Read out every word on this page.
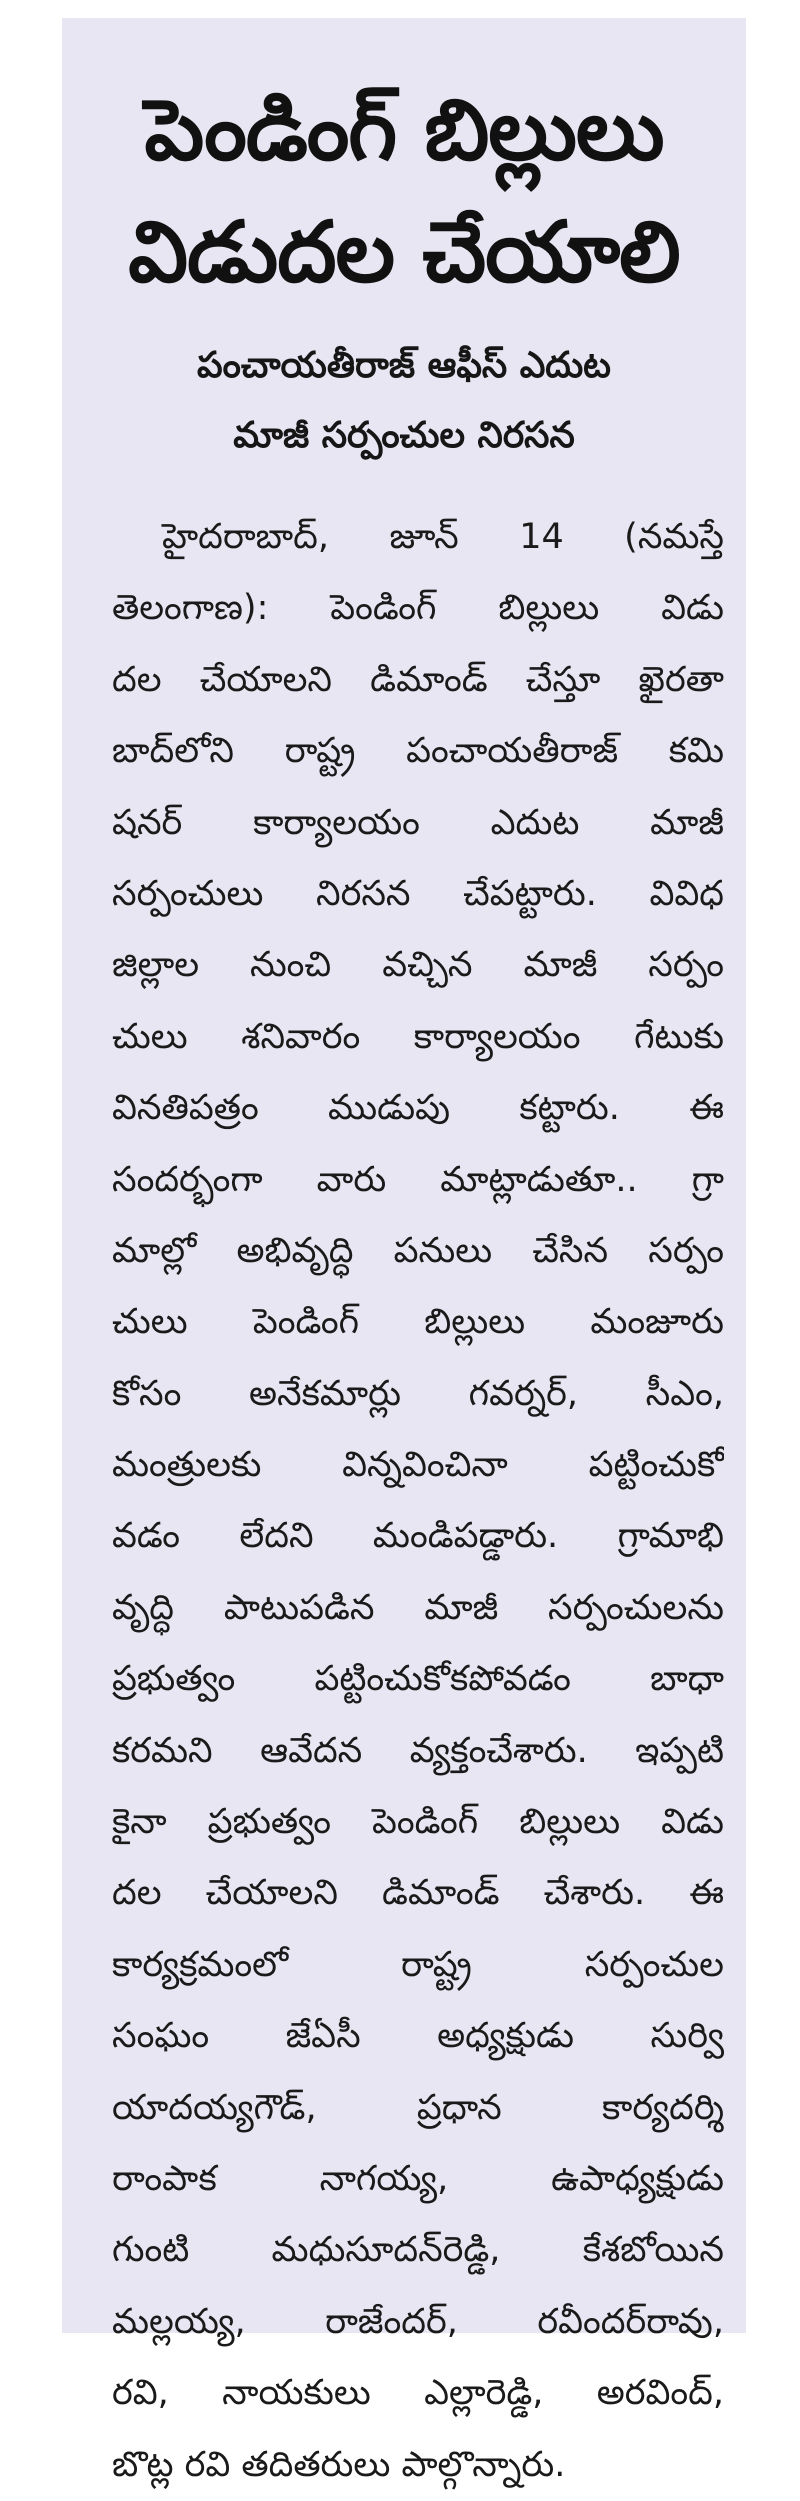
పెండింగ్ బిల్లులు
విడుదల చేయాలి
పంచాయతీరాజ్ ఆఫీస్ ఎదుట
మాజీ సర్పంచుల నిరసన
హైదరాబాద్, జూన్ 14 (నమస్తే
తెలంగాణ): పెండింగ్ బిల్లులు విడు
దల చేయాలని డిమాండ్ చేస్తూ ఖైరతా
బాద్‌లోని రాష్ట్ర పంచాయతీరాజ్ కమి
షనర్ కార్యాలయం ఎదుట మాజీ
సర్పంచులు నిరసన చేపట్టారు. వివిధ
జిల్లాల నుంచి వచ్చిన మాజీ సర్పం
చులు శనివారం కార్యాలయం గేటుకు
వినతిపత్రం ముడుపు కట్టారు. ఈ
సందర్భంగా వారు మాట్లాడుతూ.. గ్రా
మాల్లో అభివృద్ధి పనులు చేసిన సర్పం
చులు పెండింగ్ బిల్లులు మంజూరు
కోసం అనేకమార్లు గవర్నర్, సీఎం,
మంత్రులకు విన్నవించినా పట్టించుకో
వడం లేదని మండిపడ్డారు. గ్రామాభి
వృద్ధి పాటుపడిన మాజీ సర్పంచులను
ప్రభుత్వం పట్టించుకోకపోవడం బాధా
కరమని ఆవేదన వ్యక్తంచేశారు. ఇప్పటి
కైనా ప్రభుత్వం పెండింగ్ బిల్లులు విడు
దల చేయాలని డిమాండ్ చేశారు. ఈ
కార్యక్రమంలో రాష్ట్ర సర్పంచుల
సంఘం జేఏసీ అధ్యక్షుడు సుర్వి
యాదయ్యగౌడ్, ప్రధాన కార్యదర్శి
రాంపాక నాగయ్య, ఉపాధ్యక్షుడు
గుంటి మధుసూదన్‌రెడ్డి, కేశబోయిన
మల్లయ్య, రాజేందర్, రవీందర్‌రావు,
రవి, నాయకులు ఎల్లారెడ్డి, అరవింద్,
బొట్ల రవి తదితరులు పాల్గొన్నారు.
